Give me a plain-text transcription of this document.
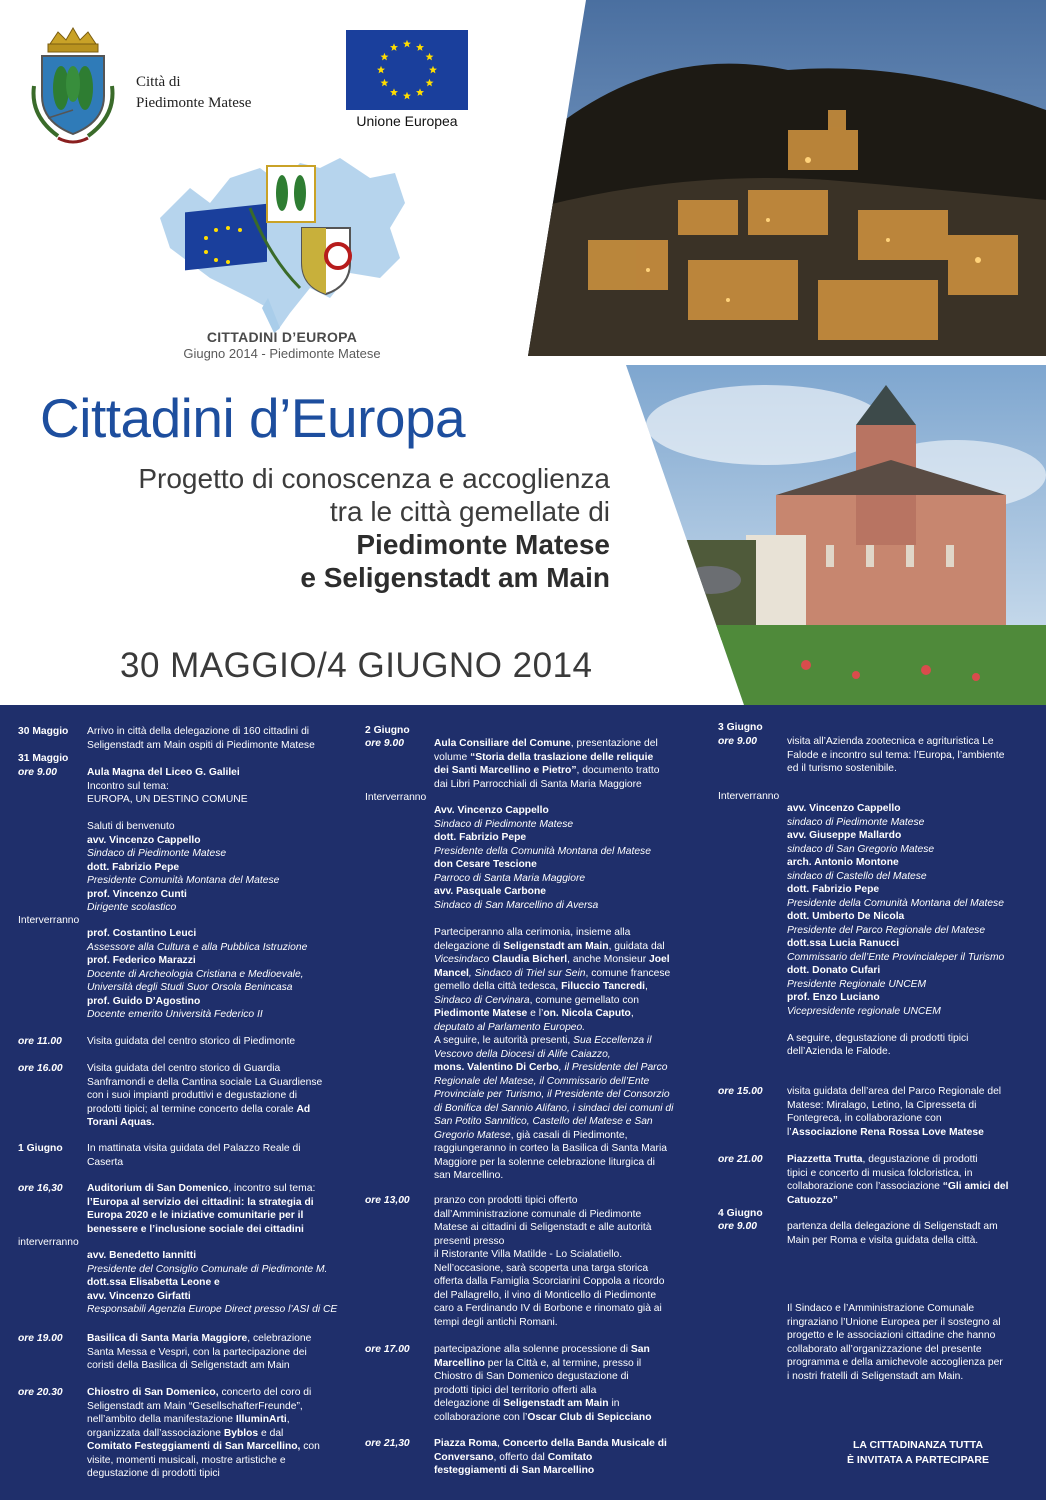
Città di
Piedimonte Matese
Unione Europea
CITTADINI D’EUROPA
Giugno 2014 - Piedimonte Matese
Cittadini d’Europa
Progetto di conoscenza e accoglienza
tra le città gemellate di
Piedimonte Matese
e Seligenstadt am Main
30 MAGGIO/4 GIUGNO 2014
30 Maggio Arrivo in città della delegazione di 160 cittadini di
Seligenstadt am Main ospiti di Piedimonte Matese
31 Maggio
ore 9.00	Aula Magna del Liceo G. Galilei
Incontro sul tema:
EUROPA, UN DESTINO COMUNE
Saluti di benvenuto
avv. Vincenzo Cappello
Sindaco di Piedimonte Matese
dott. Fabrizio Pepe
Presidente Comunità Montana del Matese
prof. Vincenzo Cunti
Dirigente scolastico
Interverranno
prof. Costantino Leuci
Assessore alla Cultura e alla Pubblica Istruzione
prof. Federico Marazzi
Docente di Archeologia Cristiana e Medioevale,
Università degli Studi Suor Orsola Benincasa
prof. Guido D’Agostino
Docente emerito Università Federico II
ore 11.00 Visita guidata del centro storico di Piedimonte
ore 16.00 Visita guidata del centro storico di Guardia
Sanframondi e della Cantina sociale La Guardiense
con i suoi impianti produttivi e degustazione di
prodotti tipici; al termine concerto della corale Ad
Torani Aquas.
1 Giugno In mattinata visita guidata del Palazzo Reale di
Caserta
ore 16,30 Auditorium di San Domenico, incontro sul tema:
l’Europa al servizio dei cittadini: la strategia di
Europa 2020 e le iniziative comunitarie per il
benessere e l’inclusione sociale dei cittadini
interverranno
avv. Benedetto Iannitti
Presidente del Consiglio Comunale di Piedimonte M.
dott.ssa Elisabetta Leone e
avv. Vincenzo Girfatti
Responsabili Agenzia Europe Direct presso l’ASI di CE
ore 19.00 Basilica di Santa Maria Maggiore, celebrazione
Santa Messa e Vespri, con la partecipazione dei
coristi della Basilica di Seligenstadt am Main
ore 20.30 Chiostro di San Domenico, concerto del coro di
Seligenstadt am Main “GesellschafterFreunde”,
nell’ambito della manifestazione IlluminArti,
organizzata dall’associazione Byblos e dal
Comitato Festeggiamenti di San Marcellino, con
visite, momenti musicali, mostre artistiche e
degustazione di prodotti tipici
2 Giugno
ore 9.00	Aula Consiliare del Comune, presentazione del
volume “Storia della traslazione delle reliquie
dei Santi Marcellino e Pietro”, documento tratto
dai Libri Parrocchiali di Santa Maria Maggiore
Interverranno
Avv. Vincenzo Cappello
Sindaco di Piedimonte Matese
dott. Fabrizio Pepe
Presidente della Comunità Montana del Matese
don Cesare Tescione
Parroco di Santa Maria Maggiore
avv. Pasquale Carbone
Sindaco di San Marcellino di Aversa
Parteciperanno alla cerimonia, insieme alla
delegazione di Seligenstadt am Main, guidata dal
Vicesindaco Claudia Bicherl, anche Monsieur Joel
Mancel, Sindaco di Triel sur Sein, comune francese
gemello della città tedesca, Filuccio Tancredi,
Sindaco di Cervinara, comune gemellato con
Piedimonte Matese e l’on. Nicola Caputo,
deputato al Parlamento Europeo.
A seguire, le autorità presenti, Sua Eccellenza il
Vescovo della Diocesi di Alife Caiazzo,
mons. Valentino Di Cerbo, il Presidente del Parco
Regionale del Matese, il Commissario dell’Ente
Provinciale per Turismo, il Presidente del Consorzio
di Bonifica del Sannio Alifano, i sindaci dei comuni di
San Potito Sannitico, Castello del Matese e San
Gregorio Matese, già casali di Piedimonte,
raggiungeranno in corteo la Basilica di Santa Maria
Maggiore per la solenne celebrazione liturgica di
san Marcellino.
ore 13,00 pranzo con prodotti tipici offerto
dall’Amministrazione comunale di Piedimonte
Matese ai cittadini di Seligenstadt e alle autorità
presenti presso
il Ristorante Villa Matilde - Lo Scialatiello.
Nell’occasione, sarà scoperta una targa storica
offerta dalla Famiglia Scorciarini Coppola a ricordo
del Pallagrello, il vino di Monticello di Piedimonte
caro a Ferdinando IV di Borbone e rinomato già ai
tempi degli antichi Romani.
ore 17.00 partecipazione alla solenne processione di San
Marcellino per la Città e, al termine, presso il
Chiostro di San Domenico degustazione di
prodotti tipici del territorio offerti alla
delegazione di Seligenstadt am Main in
collaborazione con l’Oscar Club di Sepicciano
ore 21,30 Piazza Roma, Concerto della Banda Musicale di
Conversano, offerto dal Comitato
festeggiamenti di San Marcellino
3 Giugno
ore 9.00	visita all’Azienda zootecnica e agrituristica Le
Falode e incontro sul tema: l’Europa, l’ambiente
ed il turismo sostenibile.
Interverranno
avv. Vincenzo Cappello
sindaco di Piedimonte Matese
avv. Giuseppe Mallardo
sindaco di San Gregorio Matese
arch. Antonio Montone
sindaco di Castello del Matese
dott. Fabrizio Pepe
Presidente della Comunità Montana del Matese
dott. Umberto De Nicola
Presidente del Parco Regionale del Matese
dott.ssa Lucia Ranucci
Commissario dell’Ente Provincialeper il Turismo
dott. Donato Cufari
Presidente Regionale UNCEM
prof. Enzo Luciano
Vicepresidente regionale UNCEM
A seguire, degustazione di prodotti tipici
dell’Azienda le Falode.
ore 15.00 visita guidata dell’area del Parco Regionale del
Matese: Miralago, Letino, la Cipresseta di
Fontegreca, in collaborazione con
l’Associazione Rena Rossa Love Matese
ore 21.00 Piazzetta Trutta, degustazione di prodotti
tipici e concerto di musica folcloristica, in
collaborazione con l’associazione “Gli amici del
Catuozzo”
4 Giugno
ore 9.00	partenza della delegazione di Seligenstadt am
Main per Roma e visita guidata della città.
Il Sindaco e l’Amministrazione Comunale
ringraziano l’Unione Europea per il sostegno al
progetto e le associazioni cittadine che hanno
collaborato all’organizzazione del presente
programma e della amichevole accoglienza per
i nostri fratelli di Seligenstadt am Main.
LA CITTADINANZA TUTTA
È INVITATA A PARTECIPARE
